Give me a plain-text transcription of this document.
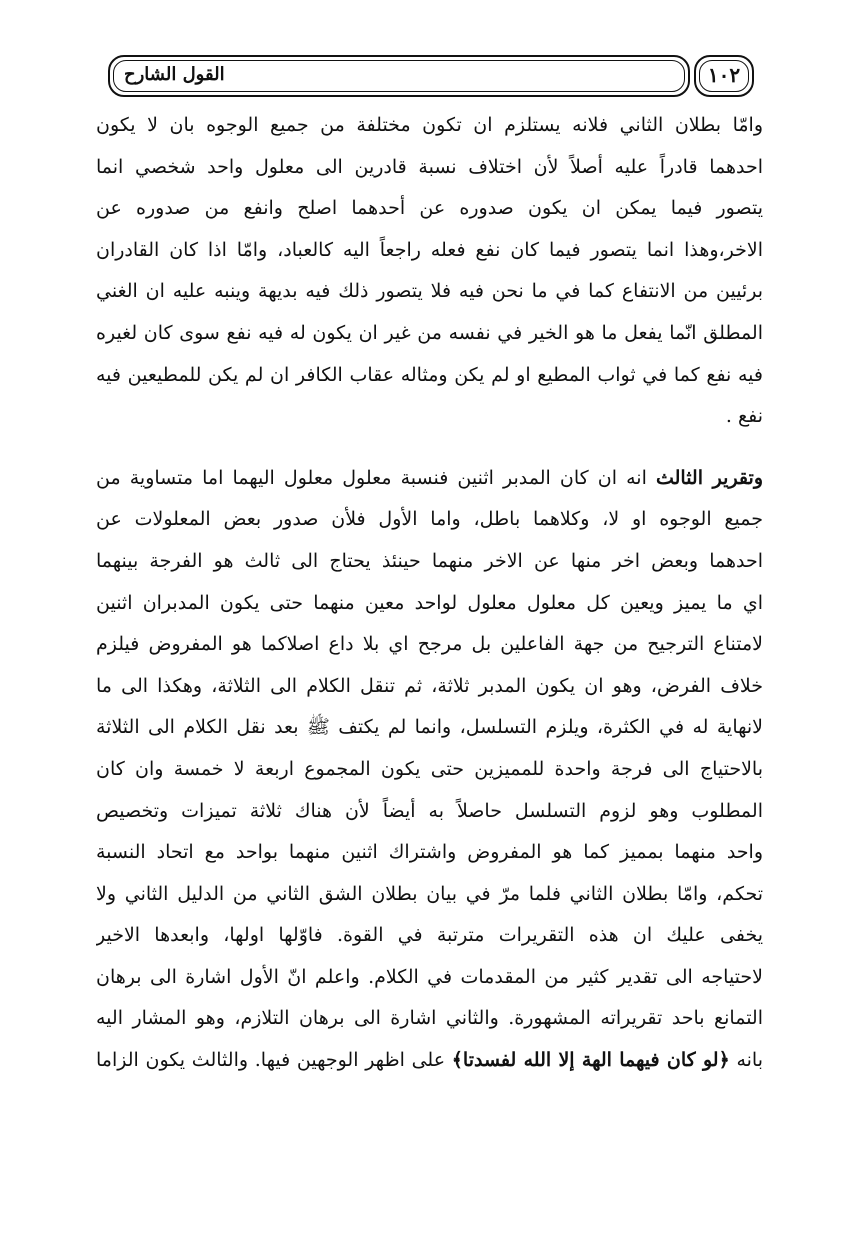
القول الشارح	١٠٢
وامّا بطلان الثاني فلانه يستلزم ان تكون مختلفة من جميع الوجوه بان لا يكون
احدهما قادراً عليه أصلاً لأن اختلاف نسبة قادرين الى معلول واحد شخصي انما
يتصور فيما يمكن ان يكون صدوره عن أحدهما اصلح وانفع من صدوره عن
الاخر،وهذا انما يتصور فيما كان نفع فعله راجعاً اليه كالعباد، وامّا اذا كان القادران
برئيين من الانتفاع كما في ما نحن فيه فلا يتصور ذلك فيه بديهة وينبه عليه ان الغني
المطلق انّما يفعل ما هو الخير في نفسه من غير ان يكون له فيه نفع سوى كان لغيره
فيه نفع كما في ثواب المطيع او لم يكن ومثاله عقاب الكافر ان لم يكن للمطيعين فيه
نفع .
وتقرير الثالث انه ان كان المدبر اثنين فنسبة معلول معلول اليهما اما متساوية من
جميع الوجوه او لا، وكلاهما باطل، واما الأول فلأن صدور بعض المعلولات عن
احدهما وبعض اخر منها عن الاخر منهما حينئذ يحتاج الى ثالث هو الفرجة بينهما
اي ما يميز ويعين كل معلول معلول لواحد معين منهما حتى يكون المدبران اثنين
لامتناع الترجيح من جهة الفاعلين بل مرجح اي بلا داع اصلاكما هو المفروض فيلزم
خلاف الفرض، وهو ان يكون المدبر ثلاثة، ثم تنقل الكلام الى الثلاثة، وهكذا الى ما
لانهاية له في الكثرة، ويلزم التسلسل، وانما لم يكتف ﷺ بعد نقل الكلام الى الثلاثة
بالاحتياج الى فرجة واحدة للمميزين حتى يكون المجموع اربعة لا خمسة وان كان
المطلوب وهو لزوم التسلسل حاصلاً به أيضاً لأن هناك ثلاثة تميزات وتخصيص
واحد منهما بمميز كما هو المفروض واشتراك اثنين منهما بواحد مع اتحاد النسبة
تحكم، وامّا بطلان الثاني فلما مرّ في بيان بطلان الشق الثاني من الدليل الثاني ولا
يخفى عليك ان هذه التقريرات مترتبة في القوة. فاوّلها اولها، وابعدها الاخير
لاحتياجه الى تقدير كثير من المقدمات في الكلام. واعلم انّ الأول اشارة الى برهان
التمانع باحد تقريراته المشهورة. والثاني اشارة الى برهان التلازم، وهو المشار اليه
بانه ﴿لو كان فيهما الهة إلا الله لفسدتا﴾ على اظهر الوجهين فيها. والثالث يكون الزاما
